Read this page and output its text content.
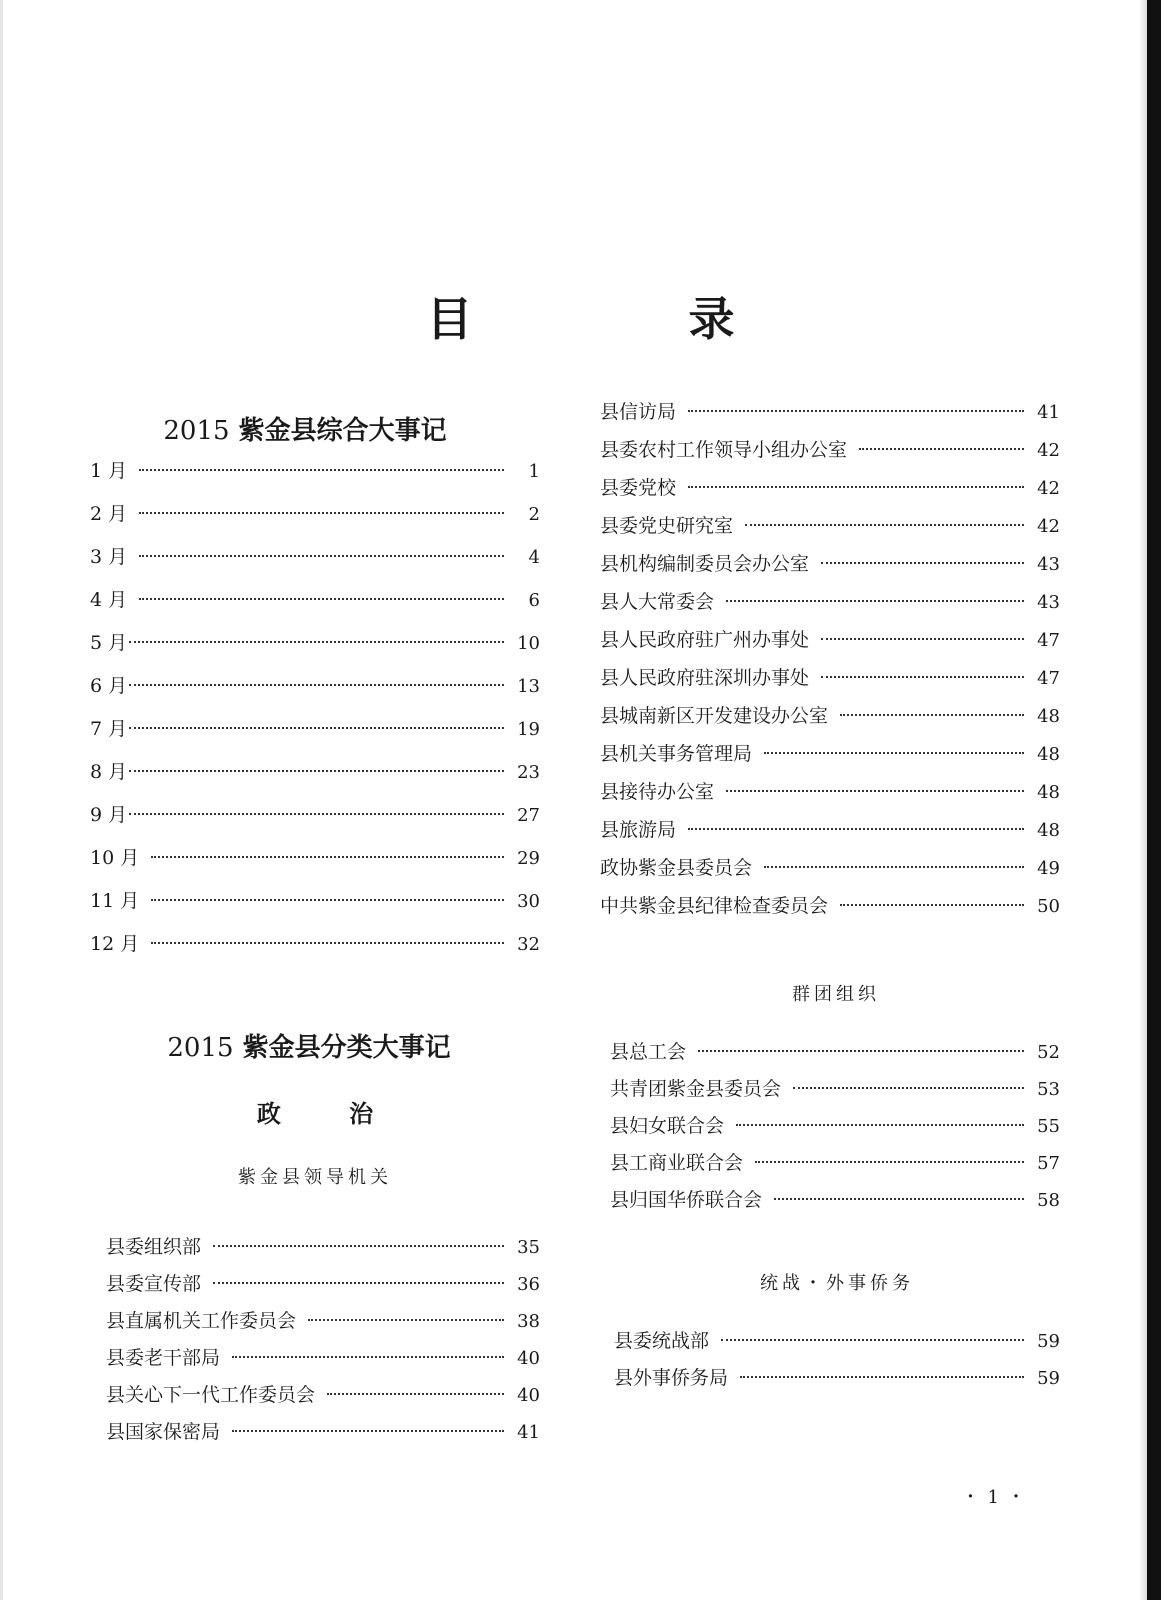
目 录
2015 紫金县综合大事记
1 月	1
2 月	2
3 月	4
4 月	6
5 月	10
6 月	13
7 月	19
8 月	23
9 月	27
10 月	29
11 月	30
12 月	32
2015 紫金县分类大事记
政 治
紫金县领导机关
县委组织部	35
县委宣传部	36
县直属机关工作委员会	38
县委老干部局	40
县关心下一代工作委员会	40
县国家保密局	41
县信访局	41
县委农村工作领导小组办公室	42
县委党校	42
县委党史研究室	42
县机构编制委员会办公室	43
县人大常委会	43
县人民政府驻广州办事处	47
县人民政府驻深圳办事处	47
县城南新区开发建设办公室	48
县机关事务管理局	48
县接待办公室	48
县旅游局	48
政协紫金县委员会	49
中共紫金县纪律检查委员会	50
群团组织
县总工会	52
共青团紫金县委员会	53
县妇女联合会	55
县工商业联合会	57
县归国华侨联合会	58
统战・外事侨务
县委统战部	59
县外事侨务局	59
・1・
